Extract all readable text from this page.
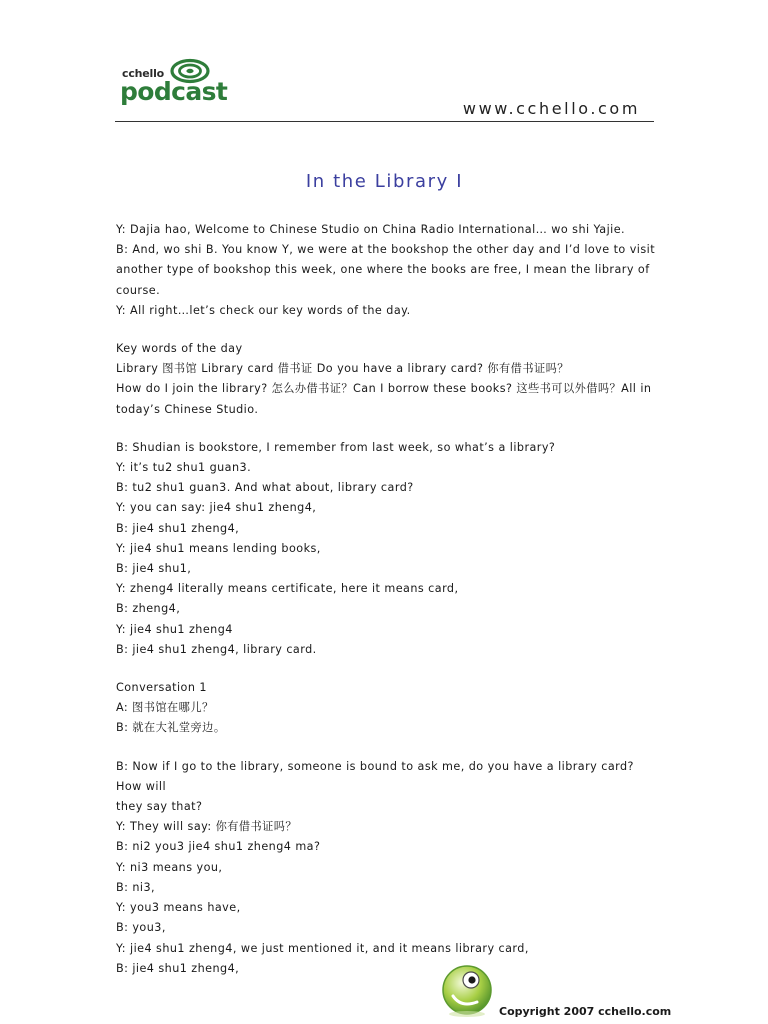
cchello
podcast
www.cchello.com
In the Library I

Y: Dajia hao, Welcome to Chinese Studio on China Radio International… wo shi Yajie.

B: And, wo shi B. You know Y, we were at the bookshop the other day and I’d love to visit

another type of bookshop this week, one where the books are free, I mean the library of

course.

Y: All right…let’s check our key words of the day.

Key words of the day

Library 图书馆 Library card 借书证 Do you have a library card? 你有借书证吗？

How do I join the library? 怎么办借书证？Can I borrow these books? 这些书可以外借吗？All in

today’s Chinese Studio.

B: Shudian is bookstore, I remember from last week, so what’s a library?

Y: it’s tu2 shu1 guan3.

B: tu2 shu1 guan3. And what about, library card?

Y: you can say: jie4 shu1 zheng4,

B: jie4 shu1 zheng4,

Y: jie4 shu1 means lending books,

B: jie4 shu1,

Y: zheng4 literally means certificate, here it means card,

B: zheng4,

Y: jie4 shu1 zheng4

B: jie4 shu1 zheng4, library card.

Conversation 1

A: 图书馆在哪儿？

B: 就在大礼堂旁边。

B: Now if I go to the library, someone is bound to ask me, do you have a library card? How will

they say that?

Y: They will say: 你有借书证吗？

B: ni2 you3 jie4 shu1 zheng4 ma?

Y: ni3 means you,

B: ni3,

Y: you3 means have,

B: you3,

Y: jie4 shu1 zheng4, we just mentioned it, and it means library card,

B: jie4 shu1 zheng4,

Copyright 2007 cchello.com
